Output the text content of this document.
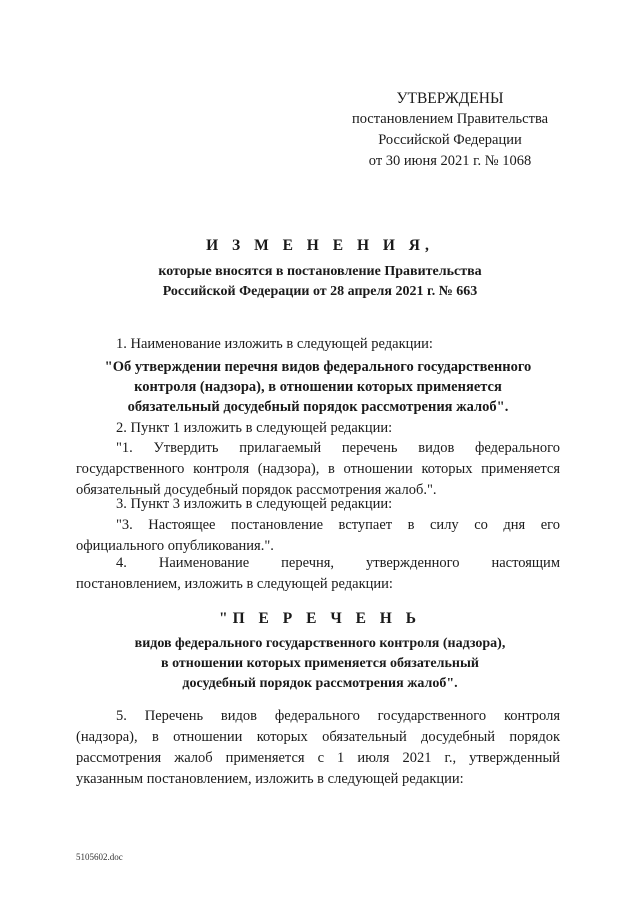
УТВЕРЖДЕНЫ
постановлением Правительства
Российской Федерации
от 30 июня 2021 г. № 1068
И З М Е Н Е Н И Я,
которые вносятся в постановление Правительства
Российской Федерации от 28 апреля 2021 г. № 663
1. Наименование изложить в следующей редакции:
"Об утверждении перечня видов федерального государственного
контроля (надзора), в отношении которых применяется
обязательный досудебный порядок рассмотрения жалоб".
2. Пункт 1 изложить в следующей редакции:
"1. Утвердить прилагаемый перечень видов федерального
государственного контроля (надзора), в отношении которых применяется
обязательный досудебный порядок рассмотрения жалоб.".
3. Пункт 3 изложить в следующей редакции:
"3. Настоящее постановление вступает в силу со дня его
официального опубликования.".
4. Наименование перечня, утвержденного настоящим
постановлением, изложить в следующей редакции:
"П Е Р Е Ч Е Н Ь
видов федерального государственного контроля (надзора),
в отношении которых применяется обязательный
досудебный порядок рассмотрения жалоб".
5. Перечень видов федерального государственного контроля
(надзора), в отношении которых обязательный досудебный порядок
рассмотрения жалоб применяется с 1 июля 2021 г., утвержденный
указанным постановлением, изложить в следующей редакции:
5105602.doc
